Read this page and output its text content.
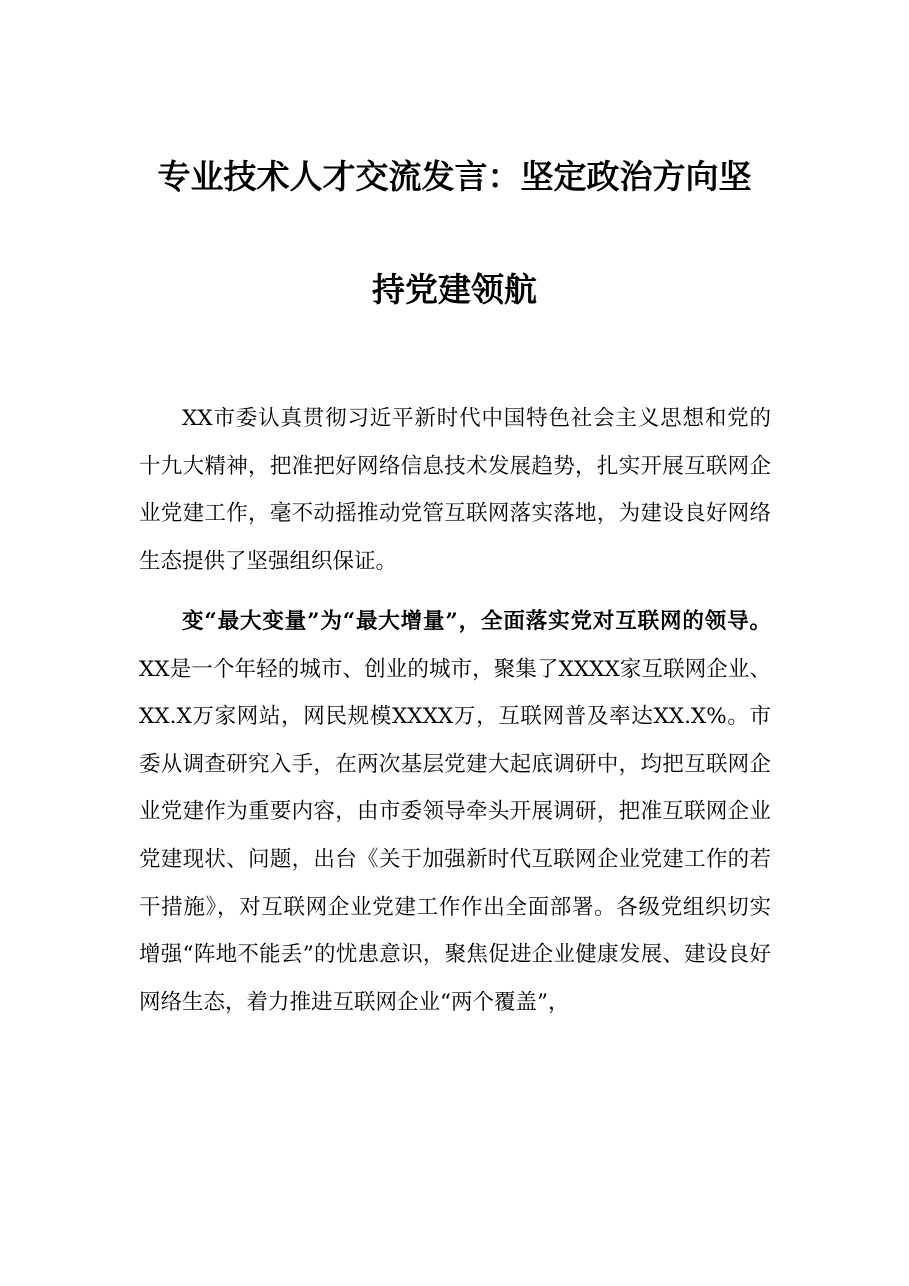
专业技术人才交流发言：坚定政治方向坚
持党建领航

XX市委认真贯彻习近平新时代中国特色社会主义思想和党的十九大精神，把准把好网络信息技术发展趋势，扎实开展互联网企业党建工作，毫不动摇推动党管互联网落实落地，为建设良好网络生态提供了坚强组织保证。

变“最大变量”为“最大增量”，全面落实党对互联网的领导。XX是一个年轻的城市、创业的城市，聚集了XXXX家互联网企业、XX.X万家网站，网民规模XXXX万，互联网普及率达XX.X%。市委从调查研究入手，在两次基层党建大起底调研中，均把互联网企业党建作为重要内容，由市委领导牵头开展调研，把准互联网企业党建现状、问题，出台《关于加强新时代互联网企业党建工作的若干措施》，对互联网企业党建工作作出全面部署。各级党组织切实增强“阵地不能丢”的忧患意识，聚焦促进企业健康发展、建设良好网络生态，着力推进互联网企业“两个覆盖”，
